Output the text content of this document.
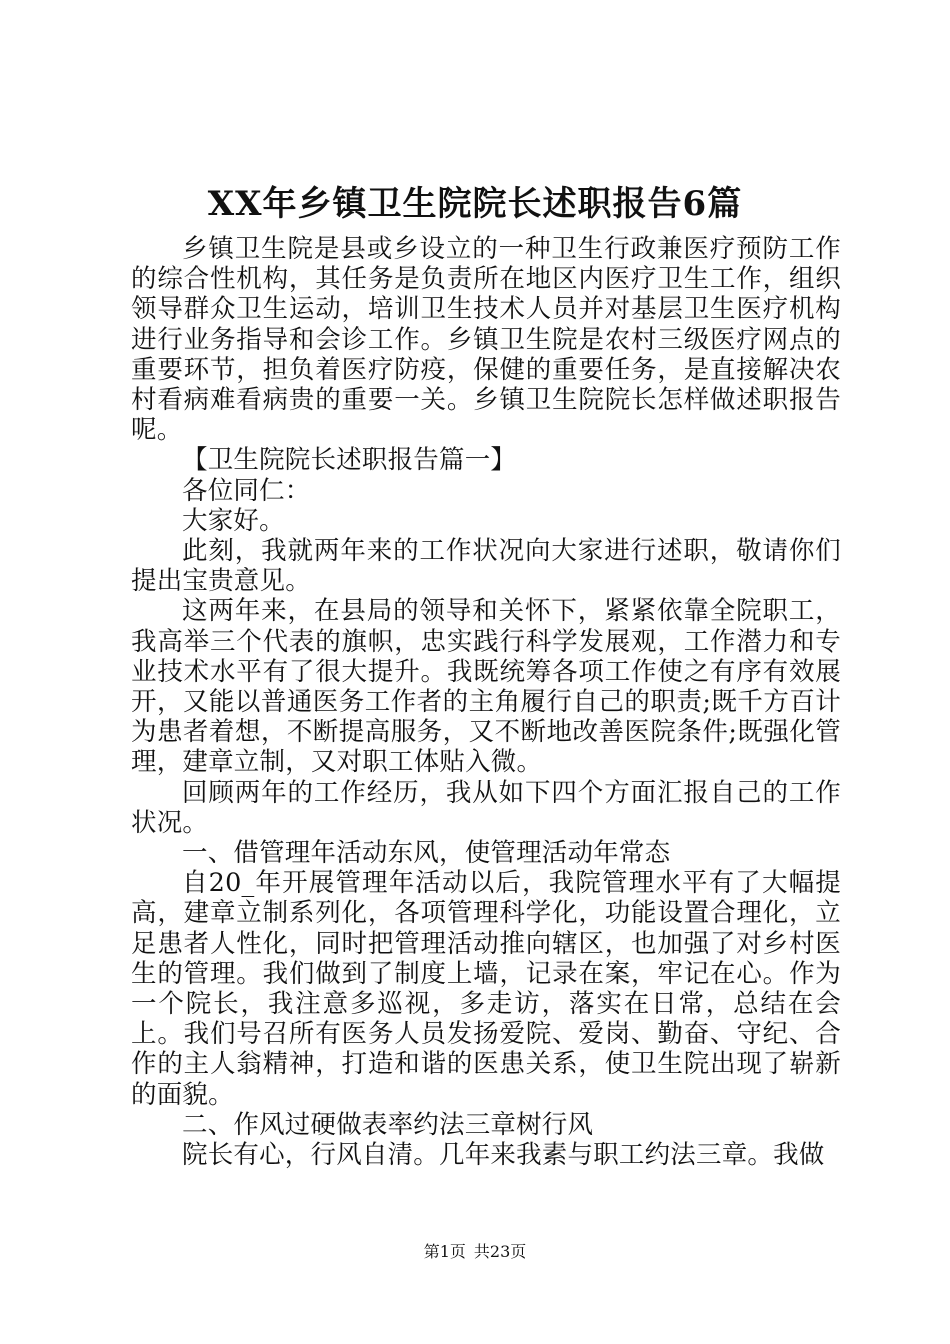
XX年乡镇卫生院院长述职报告6篇

乡镇卫生院是县或乡设立的一种卫生行政兼医疗预防工作的综合性机构，其任务是负责所在地区内医疗卫生工作，组织领导群众卫生运动，培训卫生技术人员并对基层卫生医疗机构进行业务指导和会诊工作。乡镇卫生院是农村三级医疗网点的重要环节，担负着医疗防疫，保健的重要任务，是直接解决农村看病难看病贵的重要一关。乡镇卫生院院长怎样做述职报告呢。

【卫生院院长述职报告篇一】

各位同仁：

大家好。

此刻，我就两年来的工作状况向大家进行述职，敬请你们提出宝贵意见。

这两年来，在县局的领导和关怀下，紧紧依靠全院职工，我高举三个代表的旗帜，忠实践行科学发展观，工作潜力和专业技术水平有了很大提升。我既统筹各项工作使之有序有效展开，又能以普通医务工作者的主角履行自己的职责;既千方百计为患者着想，不断提高服务，又不断地改善医院条件;既强化管理，建章立制，又对职工体贴入微。

回顾两年的工作经历，我从如下四个方面汇报自己的工作状况。

一、借管理年活动东风，使管理活动年常态

自20_年开展管理年活动以后，我院管理水平有了大幅提高，建章立制系列化，各项管理科学化，功能设置合理化，立足患者人性化，同时把管理活动推向辖区，也加强了对乡村医生的管理。我们做到了制度上墙，记录在案，牢记在心。作为一个院长，我注意多巡视，多走访，落实在日常，总结在会上。我们号召所有医务人员发扬爱院、爱岗、勤奋、守纪、合作的主人翁精神，打造和谐的医患关系，使卫生院出现了崭新的面貌。

二、作风过硬做表率约法三章树行风

院长有心，行风自清。几年来我素与职工约法三章。我做

第1页 共23页
